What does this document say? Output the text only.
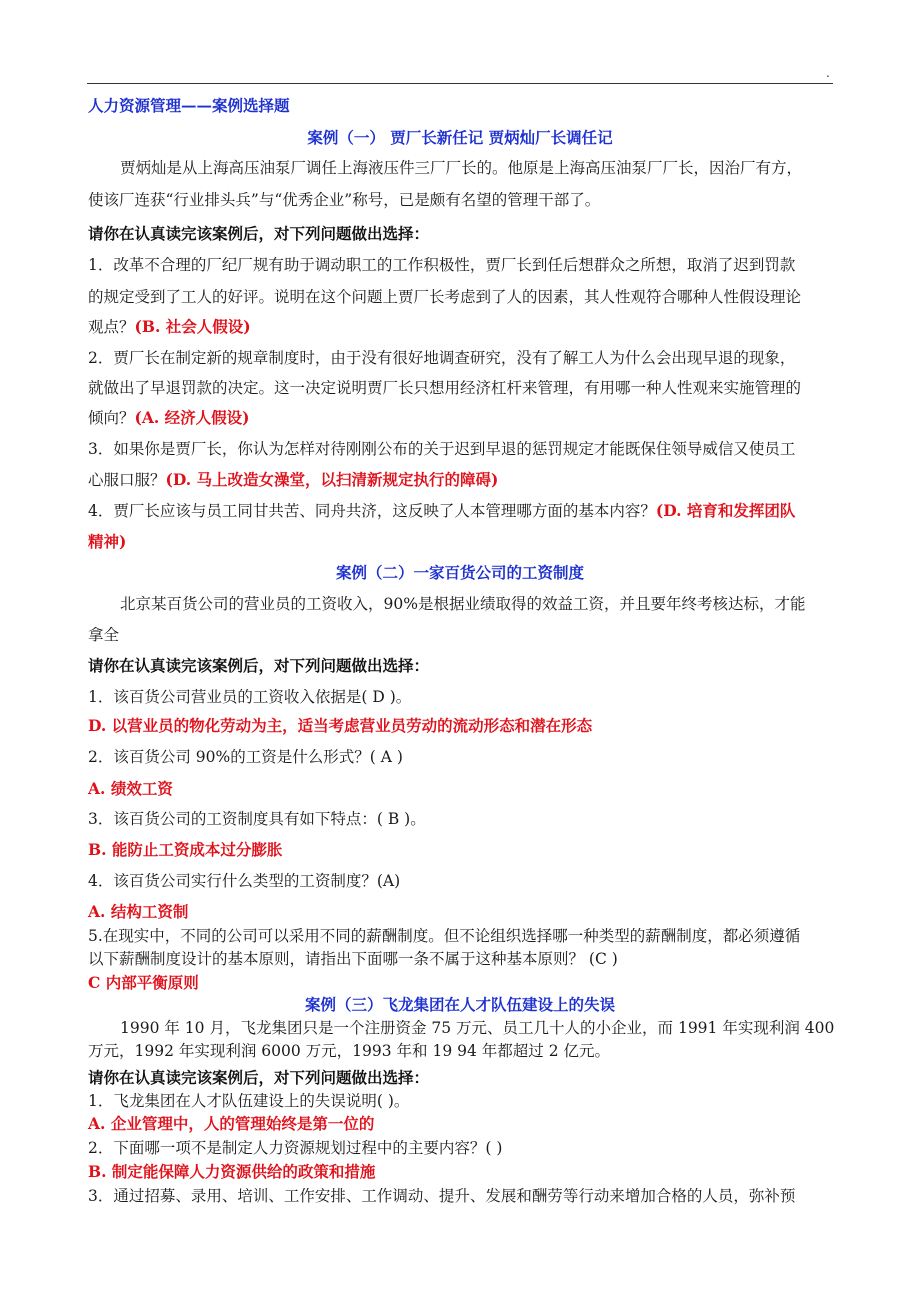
.
人力资源管理——案例选择题
案例（一） 贾厂长新任记 贾炳灿厂长调任记
贾炳灿是从上海高压油泵厂调任上海液压件三厂厂长的。他原是上海高压油泵厂厂长，因治厂有方，
使该厂连获“行业排头兵”与“优秀企业”称号，已是颇有名望的管理干部了。
请你在认真读完该案例后，对下列问题做出选择：
1．改革不合理的厂纪厂规有助于调动职工的工作积极性，贾厂长到任后想群众之所想，取消了迟到罚款
的规定受到了工人的好评。说明在这个问题上贾厂长考虑到了人的因素，其人性观符合哪种人性假设理论
观点？(B. 社会人假设)
2．贾厂长在制定新的规章制度时，由于没有很好地调查研究，没有了解工人为什么会出现早退的现象，
就做出了早退罚款的决定。这一决定说明贾厂长只想用经济杠杆来管理，有用哪一种人性观来实施管理的
倾向？(A. 经济人假设)
3．如果你是贾厂长，你认为怎样对待刚刚公布的关于迟到早退的惩罚规定才能既保住领导威信又使员工
心服口服？(D. 马上改造女澡堂，以扫清新规定执行的障碍)
4．贾厂长应该与员工同甘共苦、同舟共济，这反映了人本管理哪方面的基本内容？(D. 培育和发挥团队
精神)
案例（二）一家百货公司的工资制度
北京某百货公司的营业员的工资收入，90%是根据业绩取得的效益工资，并且要年终考核达标，才能
拿全
请你在认真读完该案例后，对下列问题做出选择：
1．该百货公司营业员的工资收入依据是( D )。
D. 以营业员的物化劳动为主，适当考虑营业员劳动的流动形态和潜在形态
2．该百货公司 90%的工资是什么形式？( A )
A. 绩效工资
3．该百货公司的工资制度具有如下特点：( B )。
B. 能防止工资成本过分膨胀
4．该百货公司实行什么类型的工资制度？(A)
A. 结构工资制
5.在现实中，不同的公司可以采用不同的薪酬制度。但不论组织选择哪一种类型的薪酬制度，都必须遵循
以下薪酬制度设计的基本原则，请指出下面哪一条不属于这种基本原则？ (C )
C 内部平衡原则
案例（三）飞龙集团在人才队伍建设上的失误
1990 年 10 月，飞龙集团只是一个注册资金 75 万元、员工几十人的小企业，而 1991 年实现利润 400
万元，1992 年实现利润 6000 万元，1993 年和 19 94 年都超过 2 亿元。
请你在认真读完该案例后，对下列问题做出选择：
1．飞龙集团在人才队伍建设上的失误说明( )。
A. 企业管理中，人的管理始终是第一位的
2．下面哪一项不是制定人力资源规划过程中的主要内容？( )
B. 制定能保障人力资源供给的政策和措施
3．通过招募、录用、培训、工作安排、工作调动、提升、发展和酬劳等行动来增加合格的人员，弥补预
